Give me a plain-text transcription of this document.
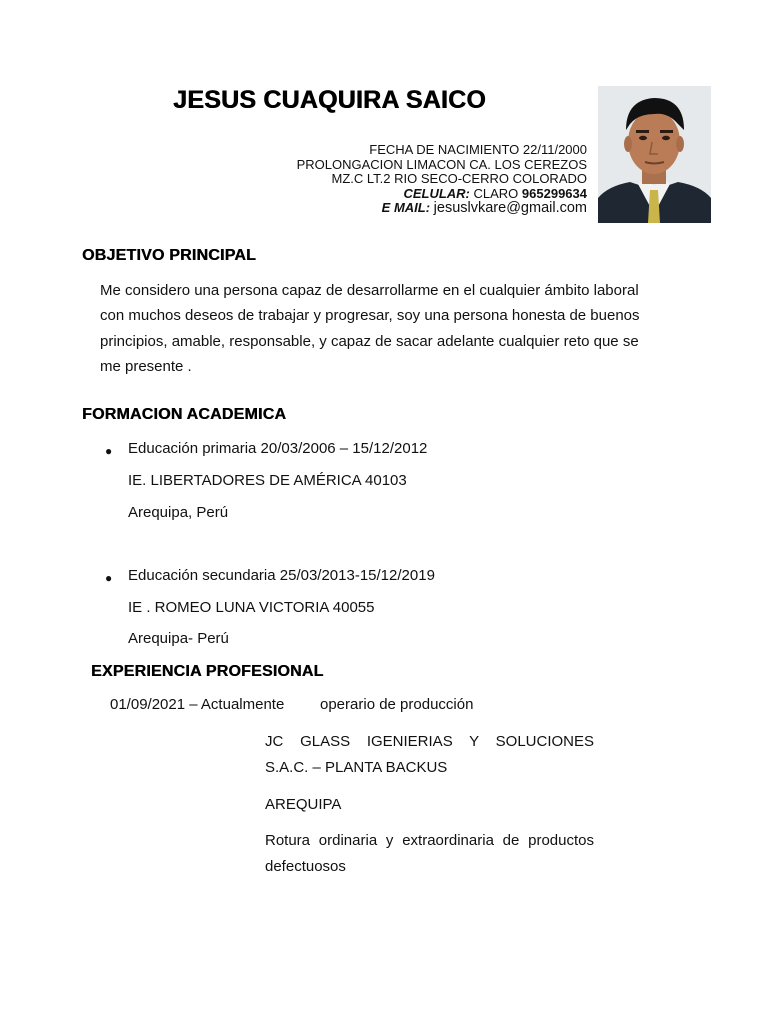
JESUS CUAQUIRA SAICO
FECHA DE NACIMIENTO 22/11/2000
PROLONGACION LIMACON CA. LOS CEREZOS
MZ.C LT.2 RIO SECO-CERRO COLORADO
CELULAR: CLARO 965299634
E MAIL: jesuslvkare@gmail.com
OBJETIVO PRINCIPAL
Me considero una persona capaz de desarrollarme en el cualquier ámbito laboral con muchos deseos de trabajar y progresar, soy una persona honesta de buenos principios, amable, responsable, y capaz de sacar adelante cualquier reto que se me presente .
FORMACION ACADEMICA
● Educación primaria 20/03/2006 – 15/12/2012
IE. LIBERTADORES DE AMÉRICA 40103
Arequipa, Perú
● Educación secundaria 25/03/2013-15/12/2019
IE . ROMEO LUNA VICTORIA 40055
Arequipa- Perú
EXPERIENCIA PROFESIONAL
01/09/2021 – Actualmente operario de producción
JC GLASS IGENIERIAS Y SOLUCIONES
S.A.C. – PLANTA BACKUS
AREQUIPA
Rotura ordinaria y extraordinaria de productos defectuosos
